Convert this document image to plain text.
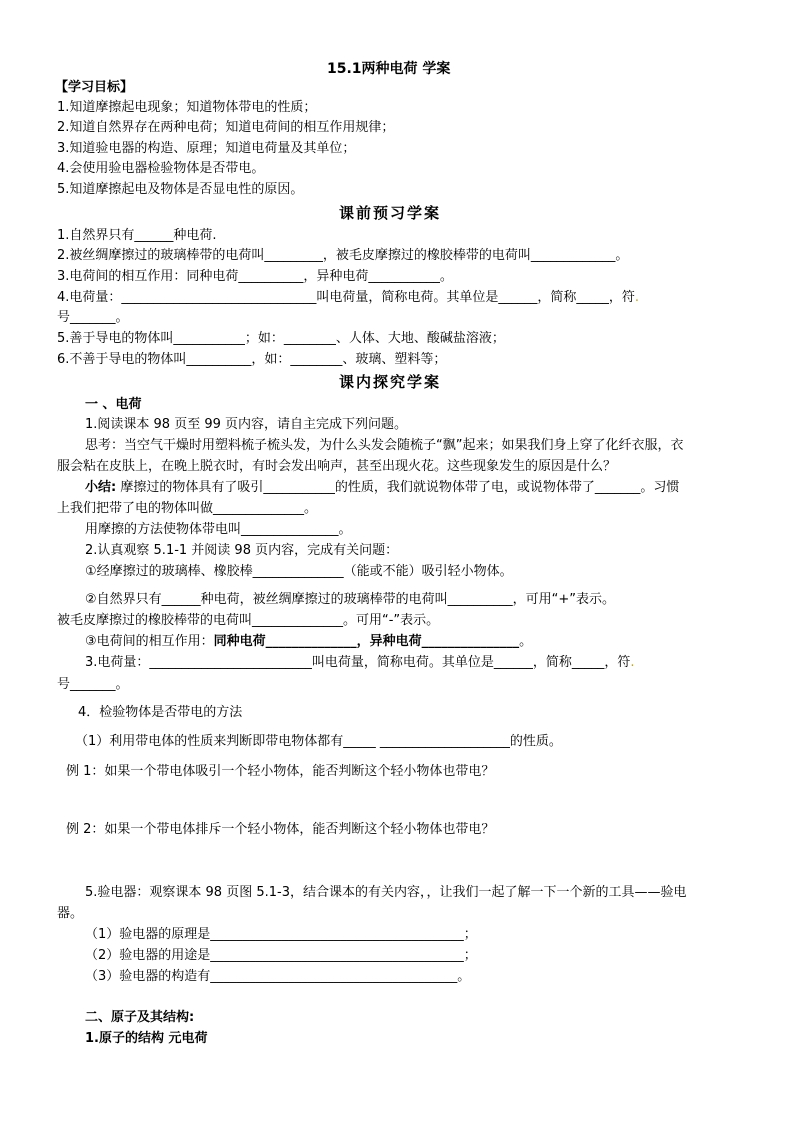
15.1两种电荷 学案
【学习目标】
1.知道摩擦起电现象；知道物体带电的性质；
2.知道自然界存在两种电荷；知道电荷间的相互作用规律；
3.知道验电器的构造、原理；知道电荷量及其单位；
4.会使用验电器检验物体是否带电。
5.知道摩擦起电及物体是否显电性的原因。
课前预习学案
1.自然界只有______种电荷.
2.被丝绸摩擦过的玻璃棒带的电荷叫_________，被毛皮摩擦过的橡胶棒带的电荷叫_____________。
3.电荷间的相互作用：同种电荷__________，异种电荷___________。
4.电荷量：______________________________叫电荷量，简称电荷。其单位是______，简称_____，符.
号_______。
5.善于导电的物体叫___________；如：________、人体、大地、酸碱盐溶液；
6.不善于导电的物体叫__________，如：________、玻璃、塑料等；
课内探究学案
一 、电荷
1.阅读课本 98 页至 99 页内容，请自主完成下列问题。
思考：当空气干燥时用塑料梳子梳头发，为什么头发会随梳子“飘”起来；如果我们身上穿了化纤衣服，衣
服会粘在皮肤上，在晚上脱衣时，有时会发出响声，甚至出现火花。这些现象发生的原因是什么？
小结: 摩擦过的物体具有了吸引___________的性质，我们就说物体带了电，或说物体带了_______。习惯
上我们把带了电的物体叫做______________。
用摩擦的方法使物体带电叫_______________。
2.认真观察 5.1-1 并阅读 98 页内容，完成有关问题：
①经摩擦过的玻璃棒、橡胶棒______________（能或不能）吸引轻小物体。
②自然界只有______种电荷，被丝绸摩擦过的玻璃棒带的电荷叫__________，可用“+”表示。
被毛皮摩擦过的橡胶棒带的电荷叫______________。可用“-”表示。
③电荷间的相互作用：同种电荷______________，异种电荷_______________。
3.电荷量：_________________________叫电荷量，简称电荷。其单位是______，简称_____，符.
号_______。
4．检验物体是否带电的方法
（1）利用带电体的性质来判断即带电物体都有_____ ____________________的性质。
例 1：如果一个带电体吸引一个轻小物体，能否判断这个轻小物体也带电？
例 2：如果一个带电体排斥一个轻小物体，能否判断这个轻小物体也带电？
5.验电器：观察课本 98 页图 5.1-3，结合课本的有关内容，，让我们一起了解一下一个新的工具——验电
器。
（1）验电器的原理是_______________________________________；
（2）验电器的用途是_______________________________________；
（3）验电器的构造有______________________________________。
二、原子及其结构:
1.原子的结构 元电荷
